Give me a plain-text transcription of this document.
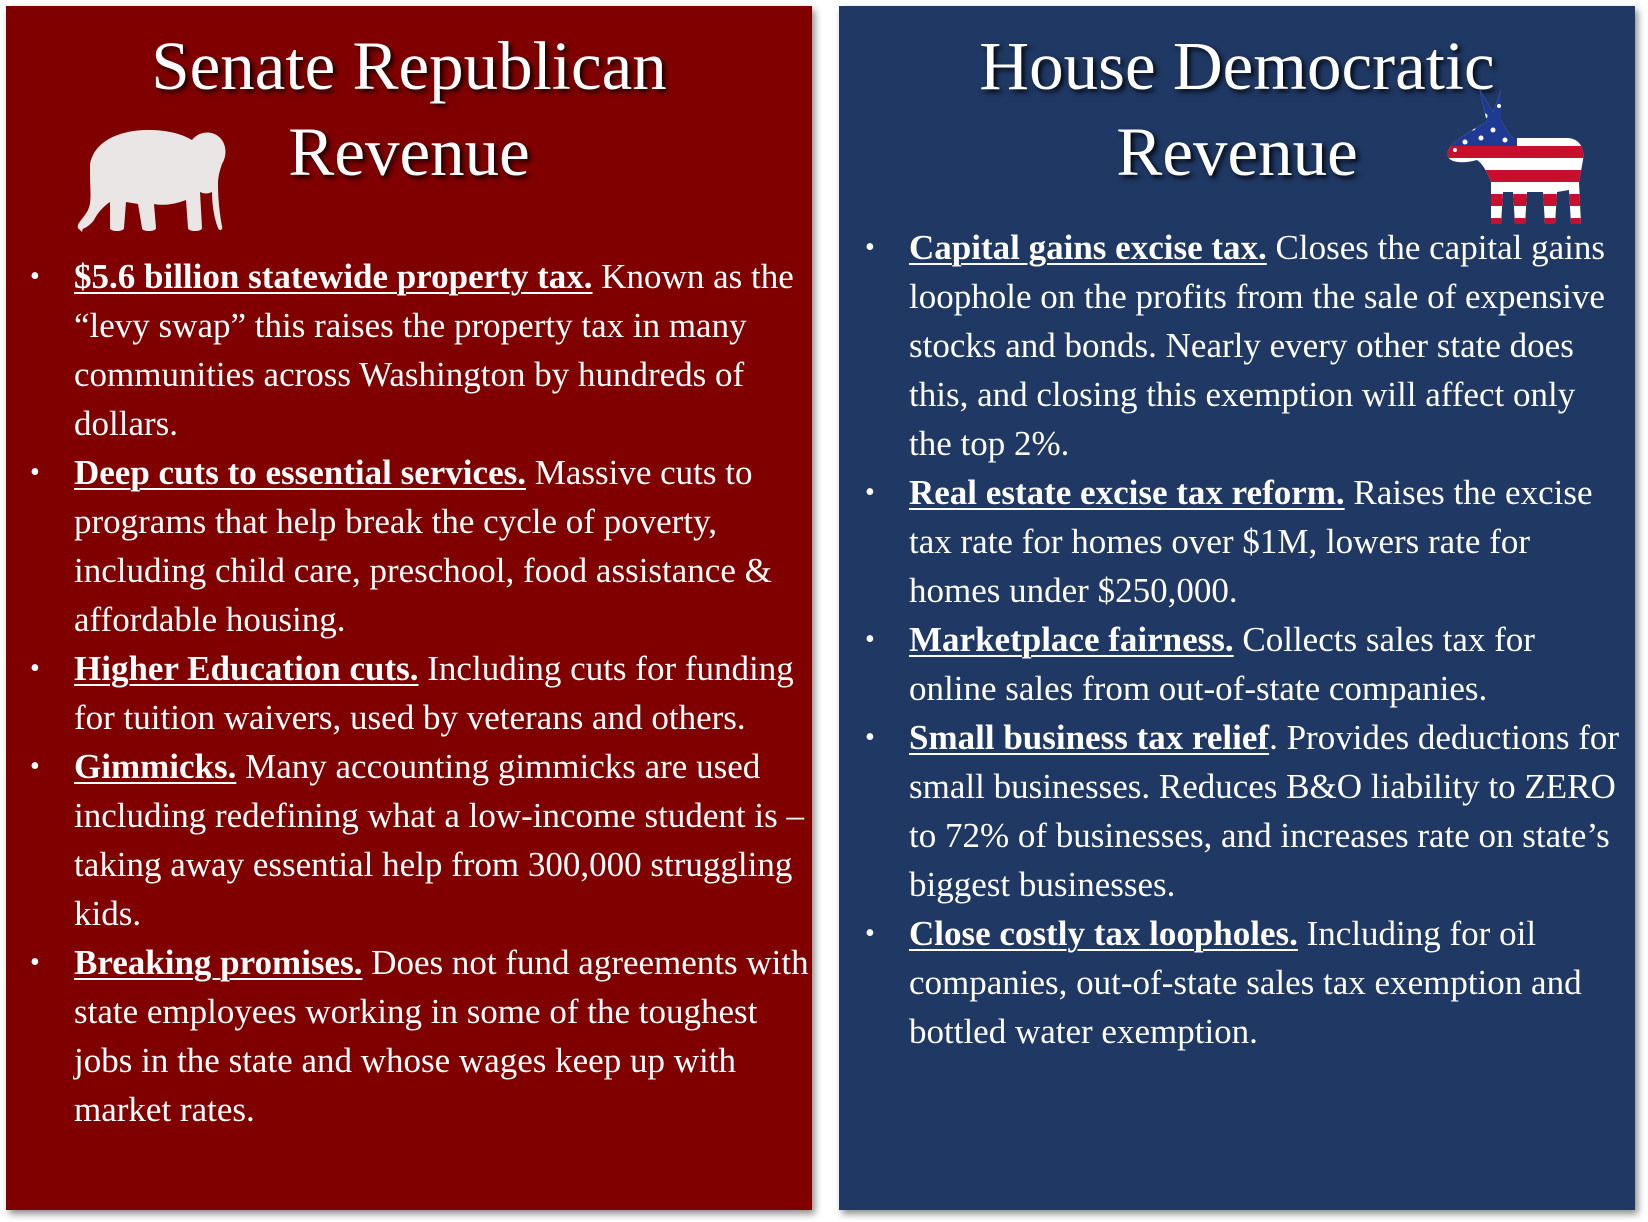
Senate Republican
Revenue
• $5.6 billion statewide property tax. Known as the “levy swap” this raises the property tax in many communities across Washington by hundreds of dollars.
• Deep cuts to essential services. Massive cuts to programs that help break the cycle of poverty, including child care, preschool, food assistance & affordable housing.
• Higher Education cuts. Including cuts for funding for tuition waivers, used by veterans and others.
• Gimmicks. Many accounting gimmicks are used including redefining what a low-income student is – taking away essential help from 300,000 struggling kids.
• Breaking promises. Does not fund agreements with state employees working in some of the toughest jobs in the state and whose wages keep up with market rates.
House Democratic
Revenue
• Capital gains excise tax. Closes the capital gains loophole on the profits from the sale of expensive stocks and bonds. Nearly every other state does this, and closing this exemption will affect only the top 2%.
• Real estate excise tax reform. Raises the excise tax rate for homes over $1M, lowers rate for homes under $250,000.
• Marketplace fairness. Collects sales tax for online sales from out-of-state companies.
• Small business tax relief. Provides deductions for small businesses. Reduces B&O liability to ZERO to 72% of businesses, and increases rate on state’s biggest businesses.
• Close costly tax loopholes. Including for oil companies, out-of-state sales tax exemption and bottled water exemption.
